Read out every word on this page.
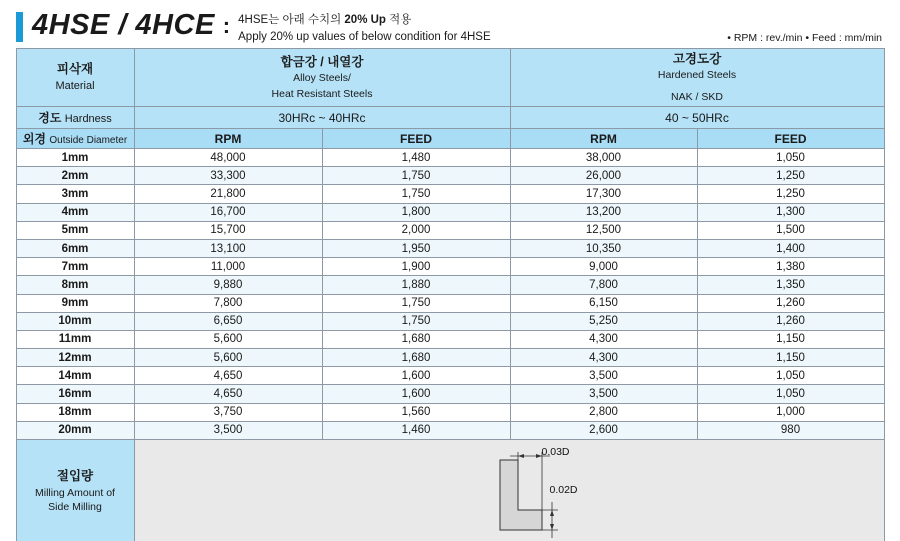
4HSE / 4HCE : 4HSE는 아래 수치의 20% Up 적용
Apply 20% up values of below condition for 4HSE	• RPM : rev./min • Feed : mm/min
피삭재
Material

합금강 / 내열강
Alloy Steels/
Heat Resistant Steels

고경도강
Hardened Steels
NAK / SKD

경도 Hardness	30HRc ~ 40HRc		40 ~ 50HRc	
외경 Outside Diameter	RPM	FEED	RPM	FEED
1mm	48,000	1,480	38,000	1,050
2mm	33,300	1,750	26,000	1,250
3mm	21,800	1,750	17,300	1,250
4mm	16,700	1,800	13,200	1,300
5mm	15,700	2,000	12,500	1,500
6mm	13,100	1,950	10,350	1,400
7mm	11,000	1,900	9,000	1,380
8mm	9,880	1,880	7,800	1,350
9mm	7,800	1,750	6,150	1,260
10mm	6,650	1,750	5,250	1,260
11mm	5,600	1,680	4,300	1,150
12mm	5,600	1,680	4,300	1,150
14mm	4,650	1,600	3,500	1,050
16mm	4,650	1,600	3,500	1,050
18mm	3,750	1,560	2,800	1,000
20mm	3,500	1,460	2,600	980

절입량
Milling Amount of
Side Milling

0.03D
0.02D
